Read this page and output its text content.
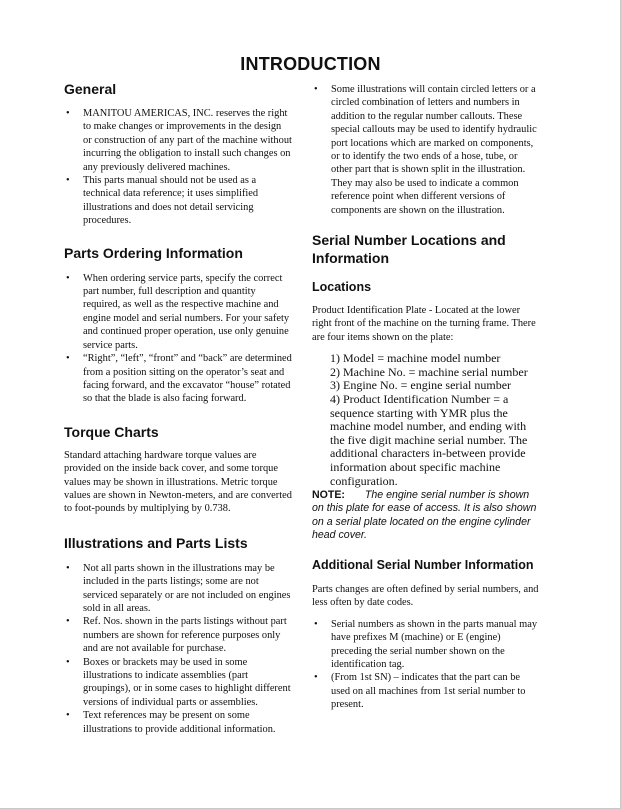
INTRODUCTION
General
• MANITOU AMERICAS, INC. reserves the right to make changes or improvements in the design or construction of any part of the machine without incurring the obligation to install such changes on any previously delivered machines.
• This parts manual should not be used as a technical data reference; it uses simplified illustrations and does not detail servicing procedures.
Parts Ordering Information
• When ordering service parts, specify the correct part number, full description and quantity required, as well as the respective machine and engine model and serial numbers. For your safety and continued proper operation, use only genuine service parts.
• “Right”, “left”, “front” and “back” are determined from a position sitting on the operator’s seat and facing forward, and the excavator “house” rotated so that the blade is also facing forward.
Torque Charts

Standard attaching hardware torque values are provided on the inside back cover, and some torque values may be shown in illustrations. Metric torque values are shown in Newton-meters, and are converted to foot-pounds by multiplying by 0.738.

Illustrations and Parts Lists
• Not all parts shown in the illustrations may be included in the parts listings; some are not serviced separately or are not included on engines sold in all areas.
• Ref. Nos. shown in the parts listings without part numbers are shown for reference purposes only and are not available for purchase.
• Boxes or brackets may be used in some illustrations to indicate assemblies (part groupings), or in some cases to highlight different versions of individual parts or assemblies.
• Text references may be present on some illustrations to provide additional information.
• Some illustrations will contain circled letters or a circled combination of letters and numbers in addition to the regular number callouts. These special callouts may be used to identify hydraulic port locations which are marked on components, or to identify the two ends of a hose, tube, or other part that is shown split in the illustration. They may also be used to indicate a common reference point when different versions of components are shown on the illustration.
Serial Number Locations and
Information
Locations

Product Identification Plate - Located at the lower right front of the machine on the turning frame. There are four items shown on the plate:

1) Model = machine model number

2) Machine No. = machine serial number

3) Engine No. = engine serial number

4) Product Identification Number = a sequence starting with YMR plus the machine model number, and ending with the five digit machine serial number. The additional characters in-between provide information about specific machine configuration.

NOTE: The engine serial number is shown on this plate for ease of access. It is also shown on a serial plate located on the engine cylinder head cover.

Additional Serial Number Information

Parts changes are often defined by serial numbers, and less often by date codes.

• Serial numbers as shown in the parts manual may have prefixes M (machine) or E (engine) preceding the serial number shown on the identification tag.
• (From 1st SN) – indicates that the part can be used on all machines from 1st serial number to present.
